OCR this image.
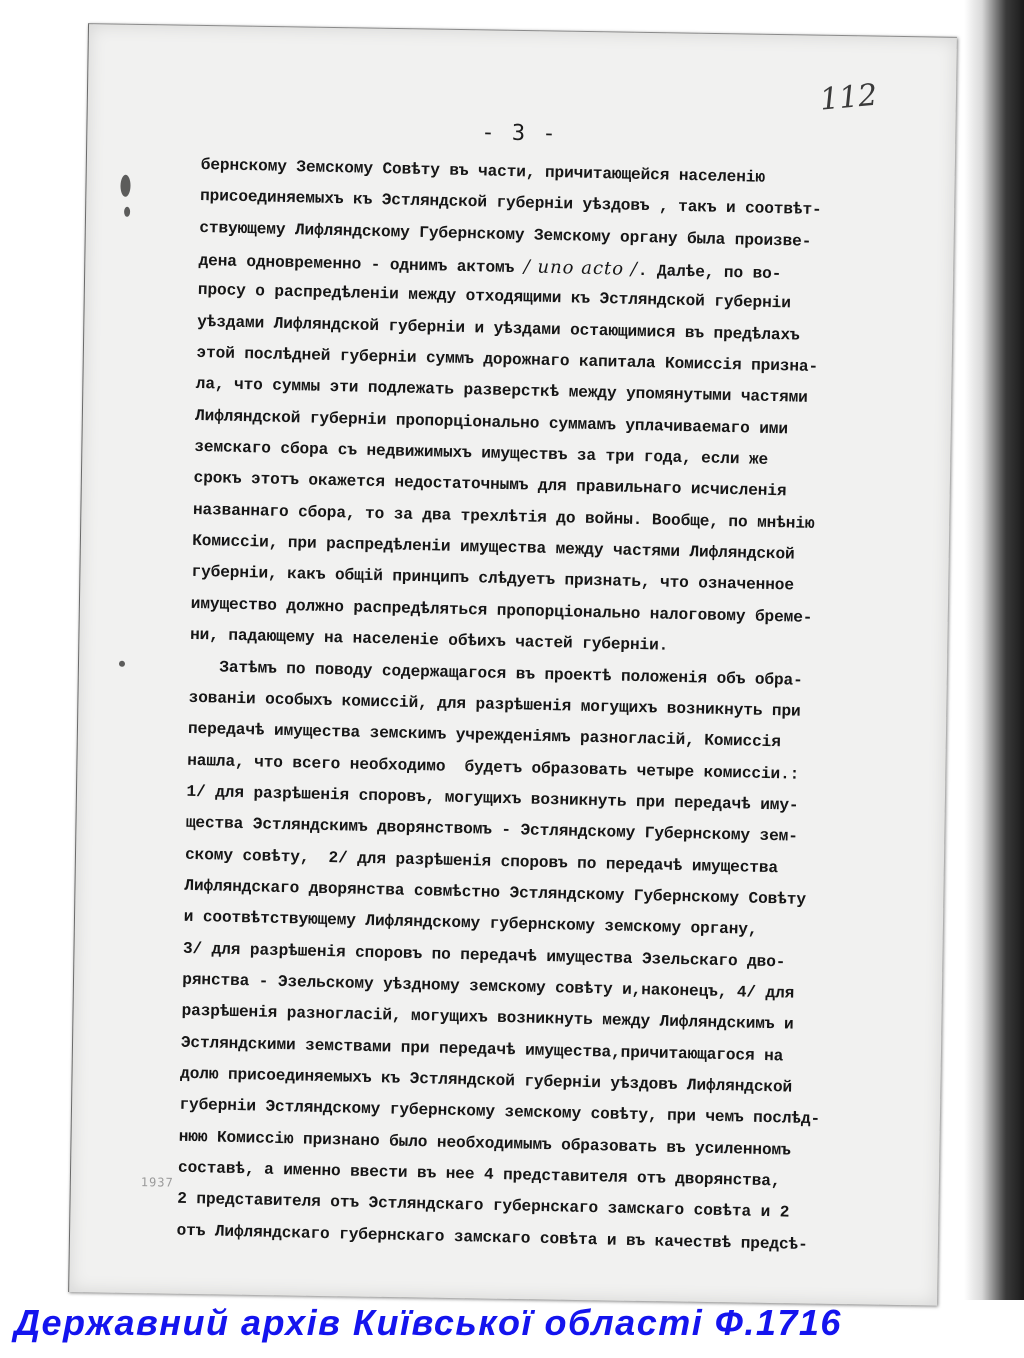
- 3 -
112
бернскому Земскому Совѣту въ части, причитающейся населенію
присоединяемыхъ къ Эстляндской губерніи уѣздовъ , такъ и соотвѣт-
ствующему Лифляндскому Губернскому Земскому органу была произве-
дена одновременно - однимъ актомъ / uno acto /. Далѣе, по во-
просу о распредѣленіи между отходящими къ Эстляндской губерніи
уѣздами Лифляндской губерніи и уѣздами остающимися въ предѣлахъ
этой послѣдней губерніи суммъ дорожнаго капитала Комиссія призна-
ла, что суммы эти подлежать разверсткѣ между упомянутыми частями
Лифляндской губерніи пропорціонально суммамъ уплачиваемаго ими
земскаго сбора съ недвижимыхъ имуществъ за три года, если же
срокъ этотъ окажется недостаточнымъ для правильнаго исчисленія
названнаго сбора, то за два трехлѣтія до войны. Вообще, по мнѣнію
Комиссіи, при распредѣленіи имущества между частями Лифляндской
губерніи, какъ общій принципъ слѣдуетъ признать, что означенное
имущество должно распредѣляться пропорціонально налоговому бреме-
ни, падающему на населеніе обѣихъ частей губерніи.
Затѣмъ по поводу содержащагося въ проектѣ положенія объ обра-
зованіи особыхъ комиссій, для разрѣшенія могущихъ возникнуть при
передачѣ имущества земскимъ учрежденіямъ разногласій, Комиссія
нашла, что всего необходимо  будетъ образовать четыре комиссіи.:
1/ для разрѣшенія споровъ, могущихъ возникнуть при передачѣ иму-
щества Эстляндскимъ дворянствомъ - Эстляндскому Губернскому зем-
скому совѣту,  2/ для разрѣшенія споровъ по передачѣ имущества
Лифляндскаго дворянства совмѣстно Эстляндскому Губернскому Совѣту
и соотвѣтствующему Лифляндскому губернскому земскому органу,
3/ для разрѣшенія споровъ по передачѣ имущества Эзельскаго дво-
рянства - Эзельскому уѣздному земскому совѣту и,наконецъ, 4/ для
разрѣшенія разногласій, могущихъ возникнуть между Лифляндскимъ и
Эстляндскими земствами при передачѣ имущества,причитающагося на
долю присоединяемыхъ къ Эстляндской губерніи уѣздовъ Лифляндской
губерніи Эстляндскому губернскому земскому совѣту, при чемъ послѣд-
нюю Комиссію признано было необходимымъ образовать въ усиленномъ
составѣ, а именно ввести въ нее 4 представителя отъ дворянства,
2 представителя отъ Эстляндскаго губернскаго замскаго совѣта и 2
отъ Лифляндскаго губернскаго замскаго совѣта и въ качествѣ предсѣ-
1937
Державний архів Київської області Ф.1716
